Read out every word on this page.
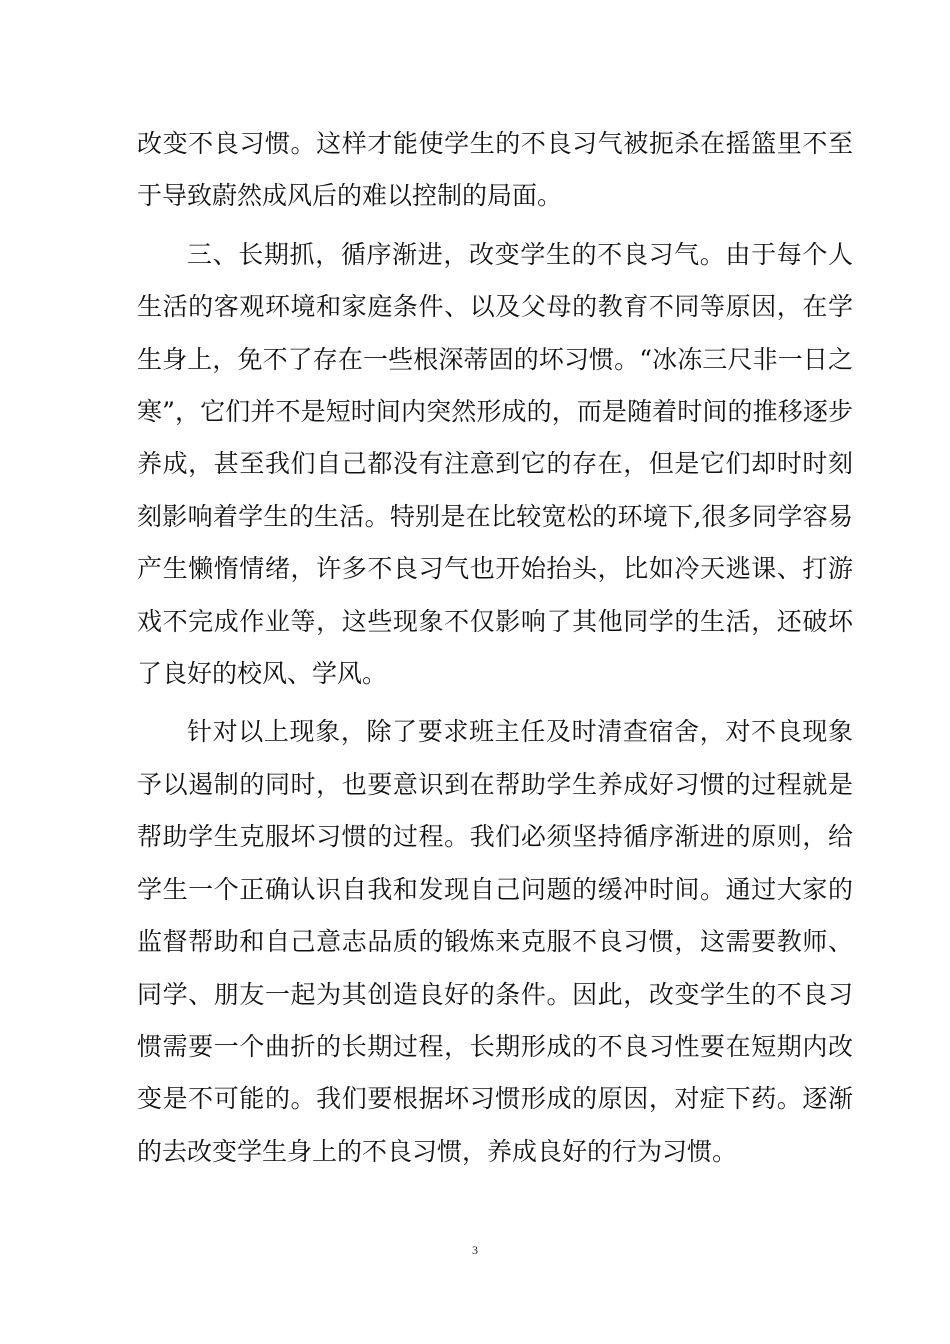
改变不良习惯。这样才能使学生的不良习气被扼杀在摇篮里不至于导致蔚然成风后的难以控制的局面。

三、长期抓，循序渐进，改变学生的不良习气。由于每个人生活的客观环境和家庭条件、以及父母的教育不同等原因，在学生身上，免不了存在一些根深蒂固的坏习惯。“冰冻三尺非一日之寒”，它们并不是短时间内突然形成的，而是随着时间的推移逐步养成，甚至我们自己都没有注意到它的存在，但是它们却时时刻刻影响着学生的生活。特别是在比较宽松的环境下,很多同学容易产生懒惰情绪，许多不良习气也开始抬头，比如冷天逃课、打游戏不完成作业等，这些现象不仅影响了其他同学的生活，还破坏了良好的校风、学风。

针对以上现象，除了要求班主任及时清查宿舍，对不良现象予以遏制的同时，也要意识到在帮助学生养成好习惯的过程就是帮助学生克服坏习惯的过程。我们必须坚持循序渐进的原则，给学生一个正确认识自我和发现自己问题的缓冲时间。通过大家的监督帮助和自己意志品质的锻炼来克服不良习惯，这需要教师、同学、朋友一起为其创造良好的条件。因此，改变学生的不良习惯需要一个曲折的长期过程，长期形成的不良习性要在短期内改变是不可能的。我们要根据坏习惯形成的原因，对症下药。逐渐的去改变学生身上的不良习惯，养成良好的行为习惯。

3
